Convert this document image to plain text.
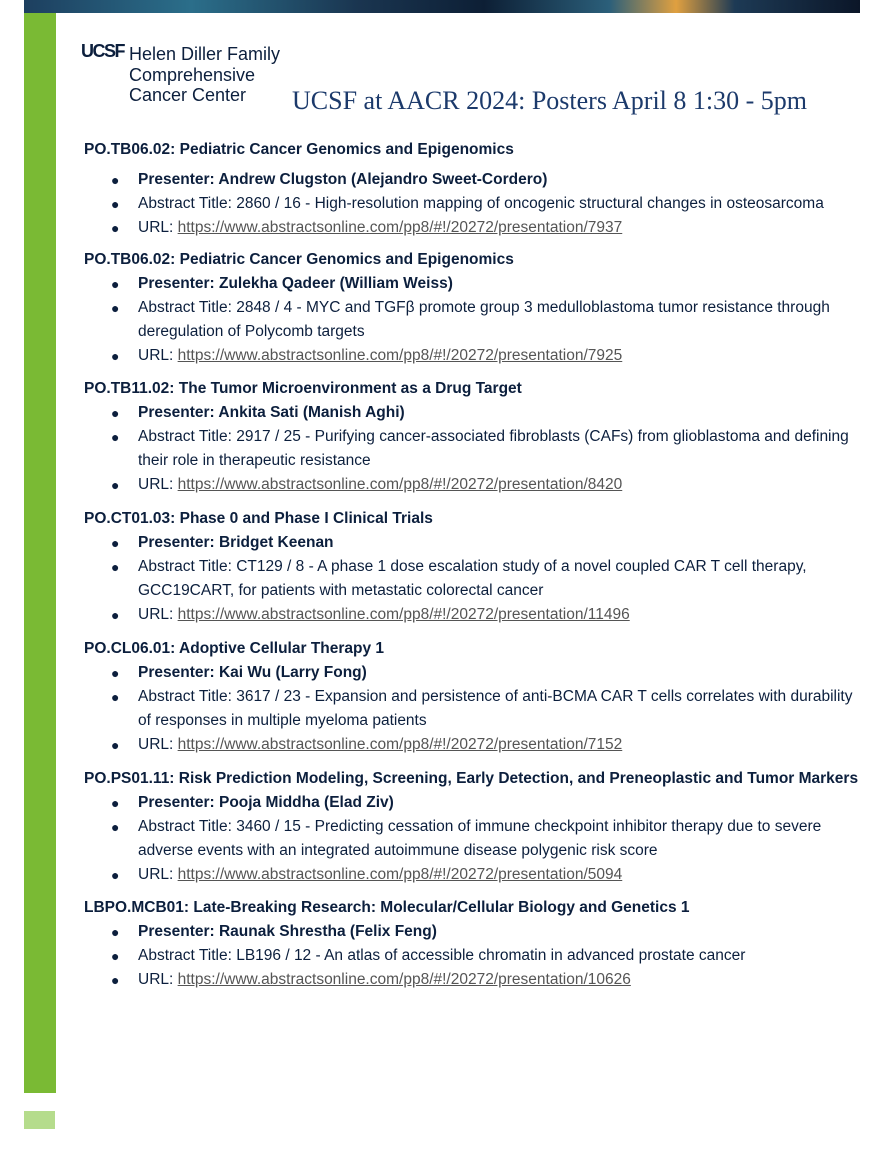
UCSF Helen Diller Family
Comprehensive
Cancer Center	UCSF at AACR 2024: Posters April 8 1:30 - 5pm

PO.TB06.02: Pediatric Cancer Genomics and Epigenomics

● Presenter: Andrew Clugston (Alejandro Sweet-Cordero)
● Abstract Title: 2860 / 16 - High-resolution mapping of oncogenic structural changes in osteosarcoma
● URL: https://www.abstractsonline.com/pp8/#!/20272/presentation/7937

PO.TB06.02: Pediatric Cancer Genomics and Epigenomics

● Presenter: Zulekha Qadeer (William Weiss)
● Abstract Title: 2848 / 4 - MYC and TGFβ promote group 3 medulloblastoma tumor resistance through deregulation of Polycomb targets
● URL: https://www.abstractsonline.com/pp8/#!/20272/presentation/7925

PO.TB11.02: The Tumor Microenvironment as a Drug Target

● Presenter: Ankita Sati (Manish Aghi)
● Abstract Title: 2917 / 25 - Purifying cancer-associated fibroblasts (CAFs) from glioblastoma and defining their role in therapeutic resistance
● URL: https://www.abstractsonline.com/pp8/#!/20272/presentation/8420

PO.CT01.03: Phase 0 and Phase I Clinical Trials

● Presenter: Bridget Keenan
● Abstract Title: CT129 / 8 - A phase 1 dose escalation study of a novel coupled CAR T cell therapy, GCC19CART, for patients with metastatic colorectal cancer
● URL: https://www.abstractsonline.com/pp8/#!/20272/presentation/11496

PO.CL06.01: Adoptive Cellular Therapy 1

● Presenter: Kai Wu (Larry Fong)
● Abstract Title: 3617 / 23 - Expansion and persistence of anti-BCMA CAR T cells correlates with durability of responses in multiple myeloma patients
● URL: https://www.abstractsonline.com/pp8/#!/20272/presentation/7152

PO.PS01.11: Risk Prediction Modeling, Screening, Early Detection, and Preneoplastic and Tumor Markers

● Presenter: Pooja Middha (Elad Ziv)
● Abstract Title: 3460 / 15 - Predicting cessation of immune checkpoint inhibitor therapy due to severe adverse events with an integrated autoimmune disease polygenic risk score
● URL: https://www.abstractsonline.com/pp8/#!/20272/presentation/5094

LBPO.MCB01: Late-Breaking Research: Molecular/Cellular Biology and Genetics 1

● Presenter: Raunak Shrestha (Felix Feng)
● Abstract Title: LB196 / 12 - An atlas of accessible chromatin in advanced prostate cancer
● URL: https://www.abstractsonline.com/pp8/#!/20272/presentation/10626
